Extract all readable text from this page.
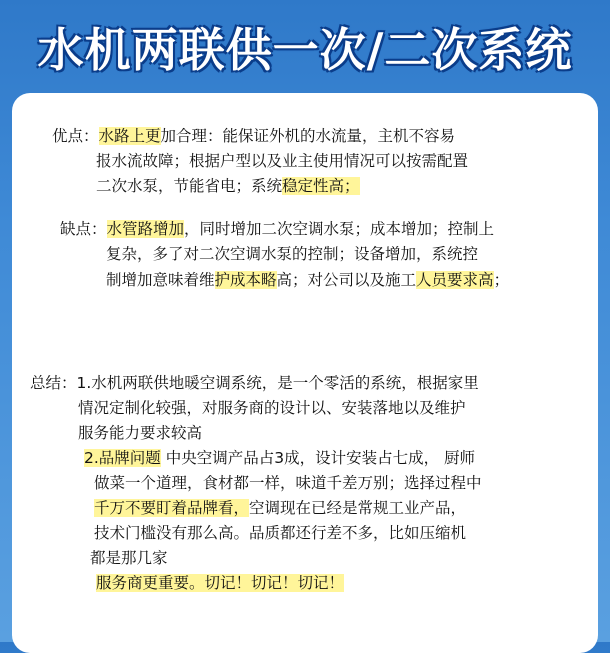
水机两联供一次/二次系统
优点：水路上更加合理：能保证外机的水流量，主机不容易
报水流故障；根据户型以及业主使用情况可以按需配置
二次水泵，节能省电；系统稳定性高；
缺点：水管路增加，同时增加二次空调水泵；成本增加；控制上
复杂，多了对二次空调水泵的控制；设备增加，系统控
制增加意味着维护成本略高；对公司以及施工人员要求高；
总结：1.水机两联供地暖空调系统，是一个零活的系统，根据家里
情况定制化较强，对服务商的设计以、安装落地以及维护
服务能力要求较高
2.品牌问题 中央空调产品占3成，设计安装占七成， 厨师
做菜一个道理，食材都一样，味道千差万别；选择过程中
千万不要盯着品牌看，空调现在已经是常规工业产品，
技术门槛没有那么高。品质都还行差不多，比如压缩机
都是那几家
服务商更重要。切记！切记！切记！
